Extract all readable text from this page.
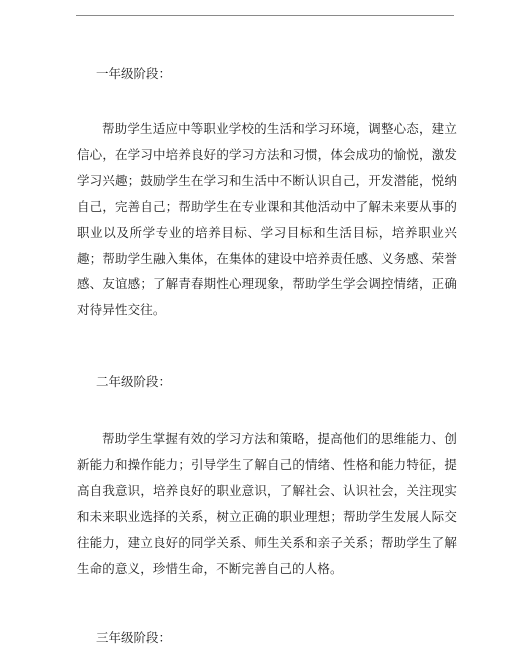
一年级阶段：
帮助学生适应中等职业学校的生活和学习环境，调整心态，建立信心，在学习中培养良好的学习方法和习惯，体会成功的愉悦，激发学习兴趣；鼓励学生在学习和生活中不断认识自己，开发潜能，悦纳自己，完善自己；帮助学生在专业课和其他活动中了解未来要从事的职业以及所学专业的培养目标、学习目标和生活目标，培养职业兴趣；帮助学生融入集体，在集体的建设中培养责任感、义务感、荣誉感、友谊感；了解青春期性心理现象，帮助学生学会调控情绪，正确对待异性交往。
二年级阶段：
帮助学生掌握有效的学习方法和策略，提高他们的思维能力、创新能力和操作能力；引导学生了解自己的情绪、性格和能力特征，提高自我意识，培养良好的职业意识，了解社会、认识社会，关注现实和未来职业选择的关系，树立正确的职业理想；帮助学生发展人际交往能力，建立良好的同学关系、师生关系和亲子关系；帮助学生了解生命的意义，珍惜生命，不断完善自己的人格。
三年级阶段：
